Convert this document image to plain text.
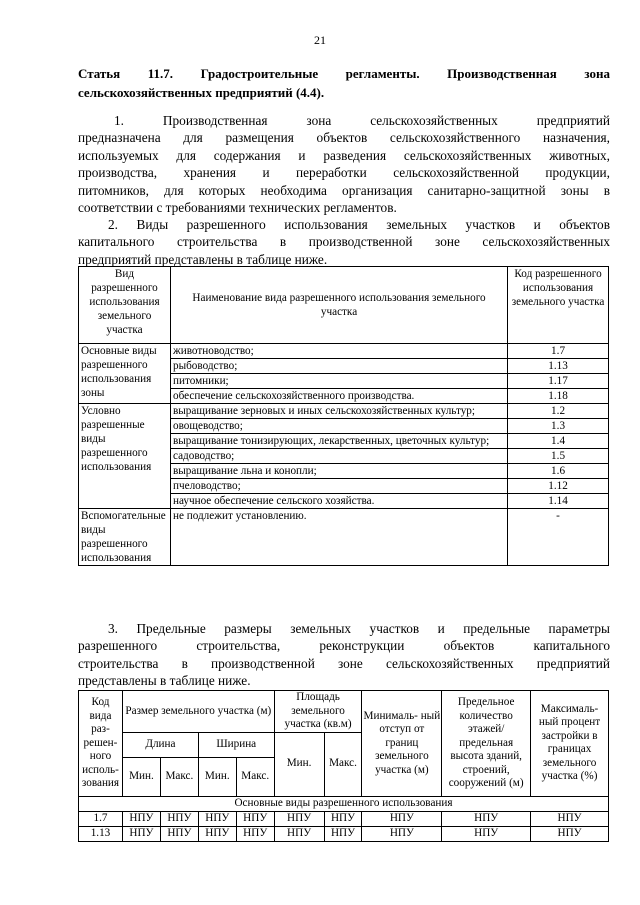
21
Статья 11.7. Градостроительные регламенты. Производственная зона
сельскохозяйственных предприятий (4.4).
1. Производственная зона сельскохозяйственных предприятий
предназначена для размещения объектов сельскохозяйственного назначения,
используемых для содержания и разведения сельскохозяйственных животных,
производства, хранения и переработки сельскохозяйственной продукции,
питомников, для которых необходима организация санитарно-защитной зоны в
соответствии с требованиями технических регламентов.
2. Виды разрешенного использования земельных участков и объектов
капитального строительства в производственной зоне сельскохозяйственных
предприятий представлены в таблице ниже.
Вид разрешенного использования земельного участка	Наименование вида разрешенного использования земельного участка	Код разрешенного использования земельного участка
Основные виды разрешенного использования зоны	животноводство;	1.7
	рыбоводство;	1.13
	питомники;	1.17
	обеспечение сельскохозяйственного производства.	1.18
Условно разрешенные виды разрешенного использования	выращивание зерновых и иных сельскохозяйственных культур;	1.2
	овощеводство;	1.3
	выращивание тонизирующих, лекарственных, цветочных культур;	1.4
	садоводство;	1.5
	выращивание льна и конопли;	1.6
	пчеловодство;	1.12
	научное обеспечение сельского хозяйства.	1.14
Вспомогательные виды разрешенного использования	не подлежит установлению.	-
3. Предельные размеры земельных участков и предельные параметры
разрешенного строительства, реконструкции объектов капитального
строительства в производственной зоне сельскохозяйственных предприятий
представлены в таблице ниже.
Код вида раз- решен- ного исполь- зования	Размер земельного участка (м)				Площадь земельного участка (кв.м)		Минималь- ный отступ от границ земельного участка (м)	Предельное количество этажей/ предельная высота зданий, строений, сооружений (м)	Максималь- ный процент застройки в границах земельного участка (%)
	Длина		Ширина		Мин.	Макс.			
	Мин.	Макс.	Мин.	Макс.					
Основные виды разрешенного использования									
1.7	НПУ	НПУ	НПУ	НПУ	НПУ	НПУ	НПУ	НПУ	НПУ
1.13	НПУ	НПУ	НПУ	НПУ	НПУ	НПУ	НПУ	НПУ	НПУ
